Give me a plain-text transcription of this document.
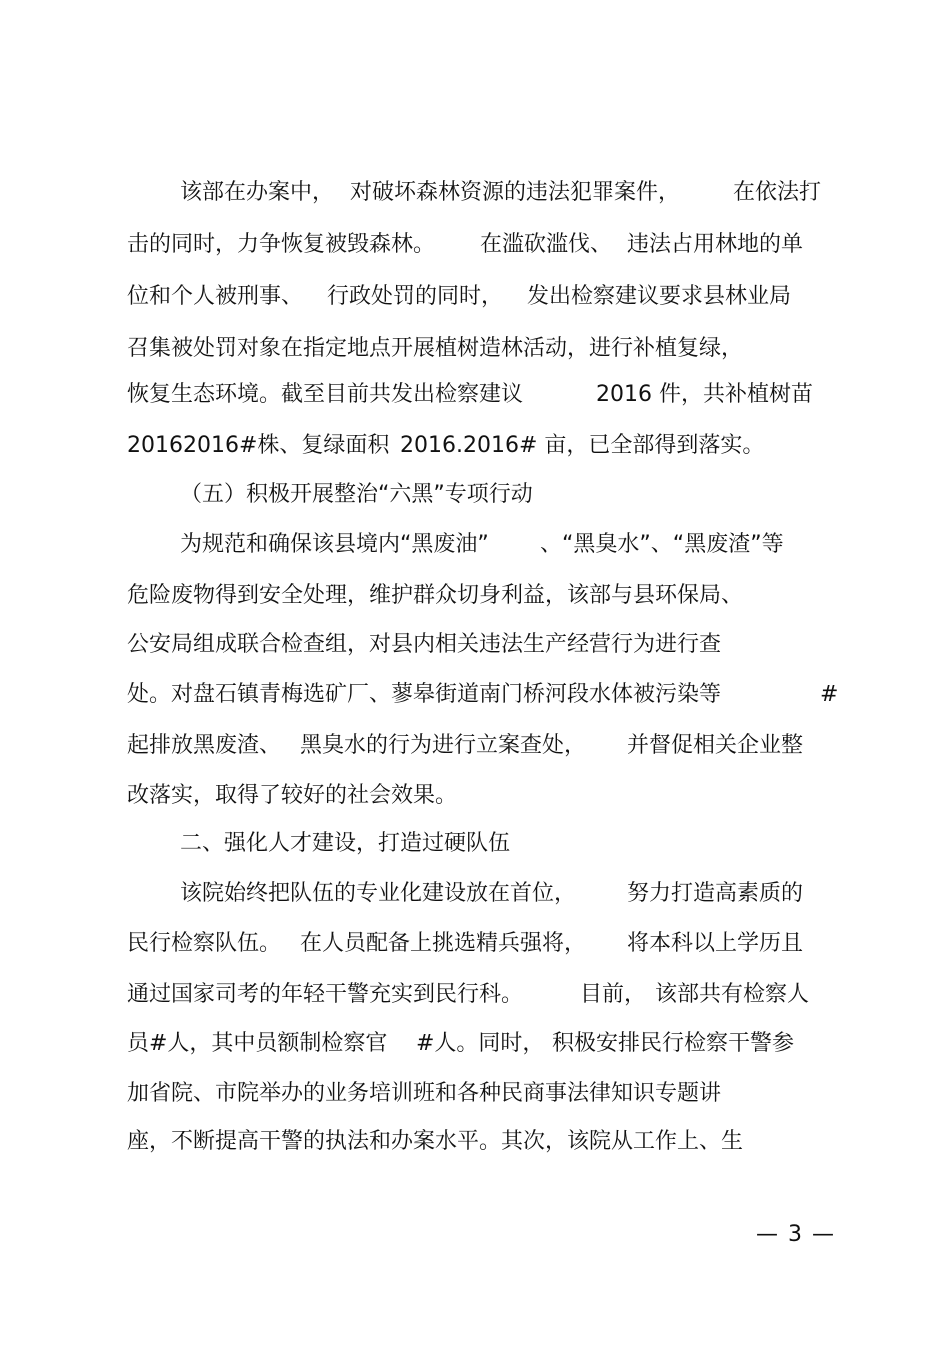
该部在办案中，

对破坏森林资源的违法犯罪案件，

在依法打

击的同时，力争恢复被毁森林。

在滥砍滥伐、

违法占用林地的单

位和个人被刑事、

行政处罚的同时，

发出检察建议要求县林业局

召集被处罚对象在指定地点开展植树造林活动，进行补植复绿，

恢复生态环境。截至目前共发出检察建议

	2016 件，共补植树苗

20162016#株、复绿面积

2016.2016# 亩，已全部得到落实。

（五）积极开展整治“六黑”专项行动

为规范和确保该县境内“黑废油”

、“黑臭水”、“黑废渣”等

危险废物得到安全处理，维护群众切身利益，该部与县环保局、

公安局组成联合检查组，对县内相关违法生产经营行为进行查

处。对盘石镇青梅选矿厂、蓼皋街道南门桥河段水体被污染等

	#

起排放黑废渣、

黑臭水的行为进行立案查处，

并督促相关企业整

改落实，取得了较好的社会效果。

二、强化人才建设，打造过硬队伍

该院始终把队伍的专业化建设放在首位，

努力打造高素质的

民行检察队伍。

在人员配备上挑选精兵强将，

将本科以上学历且

通过国家司考的年轻干警充实到民行科。

	目前，

该部共有检察人

员#人，其中员额制检察官

#人。同时，

积极安排民行检察干警参

加省院、市院举办的业务培训班和各种民商事法律知识专题讲

座，不断提高干警的执法和办案水平。其次，该院从工作上、生

— 3 —
